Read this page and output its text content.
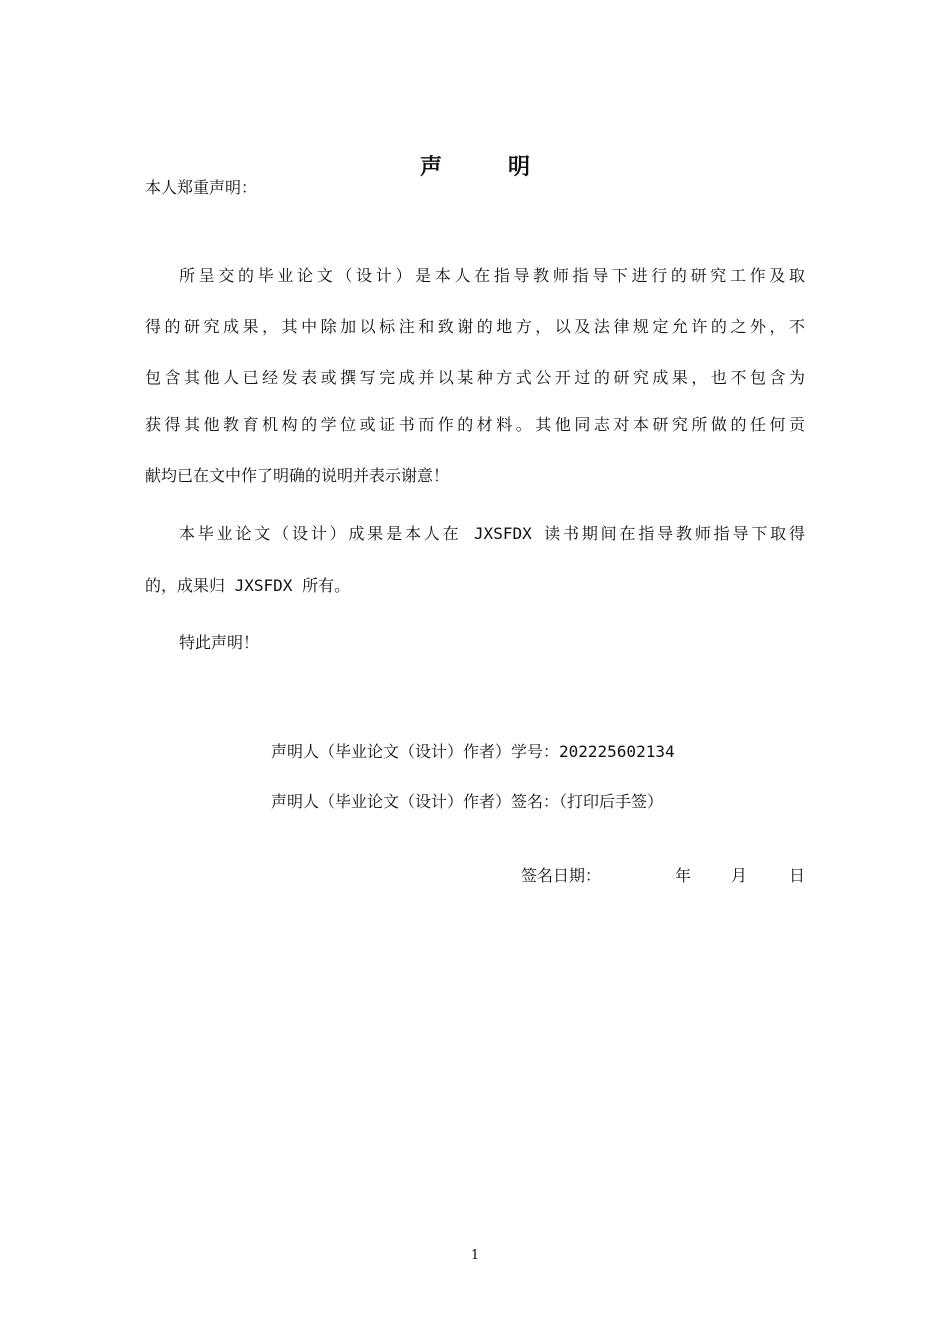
声	明
本人郑重声明：
所呈交的毕业论文（设计）是本人在指导教师指导下进行的研究工作及取
得的研究成果，其中除加以标注和致谢的地方，以及法律规定允许的之外，不
包含其他人已经发表或撰写完成并以某种方式公开过的研究成果，也不包含为
获得其他教育机构的学位或证书而作的材料。其他同志对本研究所做的任何贡
献均已在文中作了明确的说明并表示谢意！
本毕业论文（设计）成果是本人在 JXSFDX 读书期间在指导教师指导下取得
的，成果归 JXSFDX 所有。
特此声明！
声明人（毕业论文（设计）作者）学号：202225602134
声明人（毕业论文（设计）作者）签名：（打印后手签）
签名日期：	年 月	日
1
